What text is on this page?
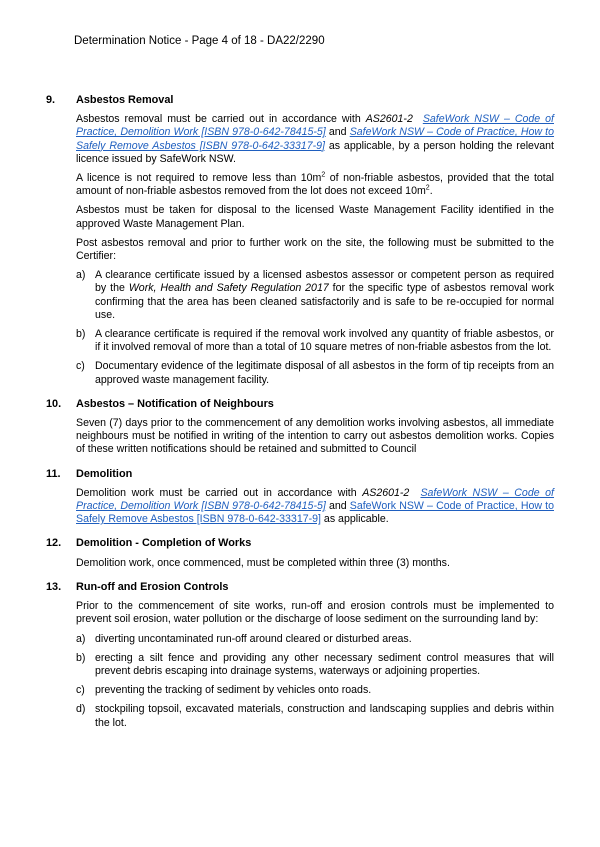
Determination Notice - Page 4 of 18 - DA22/2290
9.	Asbestos Removal

Asbestos removal must be carried out in accordance with AS2601-2 SafeWork NSW – Code of Practice, Demolition Work [ISBN 978-0-642-78415-5] and SafeWork NSW – Code of Practice, How to Safely Remove Asbestos [ISBN 978-0-642-33317-9] as applicable, by a person holding the relevant licence issued by SafeWork NSW.

A licence is not required to remove less than $10m^2$ of non-friable asbestos, provided that the total amount of non-friable asbestos removed from the lot does not exceed $10m^2$.

Asbestos must be taken for disposal to the licensed Waste Management Facility identified in the approved Waste Management Plan.

Post asbestos removal and prior to further work on the site, the following must be submitted to the Certifier:

a) A clearance certificate issued by a licensed asbestos assessor or competent person as required by the Work, Health and Safety Regulation 2017 for the specific type of asbestos removal work confirming that the area has been cleaned satisfactorily and is safe to be re-occupied for normal use.
b) A clearance certificate is required if the removal work involved any quantity of friable asbestos, or if it involved removal of more than a total of 10 square metres of non-friable asbestos from the lot.
c) Documentary evidence of the legitimate disposal of all asbestos in the form of tip receipts from an approved waste management facility.
10.	Asbestos – Notification of Neighbours

Seven (7) days prior to the commencement of any demolition works involving asbestos, all immediate neighbours must be notified in writing of the intention to carry out asbestos demolition works. Copies of these written notifications should be retained and submitted to Council

11.	Demolition

Demolition work must be carried out in accordance with AS2601-2 SafeWork NSW – Code of Practice, Demolition Work [ISBN 978-0-642-78415-5] and SafeWork NSW – Code of Practice, How to Safely Remove Asbestos [ISBN 978-0-642-33317-9] as applicable.

12.	Demolition - Completion of Works

Demolition work, once commenced, must be completed within three (3) months.

13.	Run-off and Erosion Controls

Prior to the commencement of site works, run-off and erosion controls must be implemented to prevent soil erosion, water pollution or the discharge of loose sediment on the surrounding land by:

a) diverting uncontaminated run-off around cleared or disturbed areas.
b) erecting a silt fence and providing any other necessary sediment control measures that will prevent debris escaping into drainage systems, waterways or adjoining properties.
c) preventing the tracking of sediment by vehicles onto roads.
d) stockpiling topsoil, excavated materials, construction and landscaping supplies and debris within the lot.
